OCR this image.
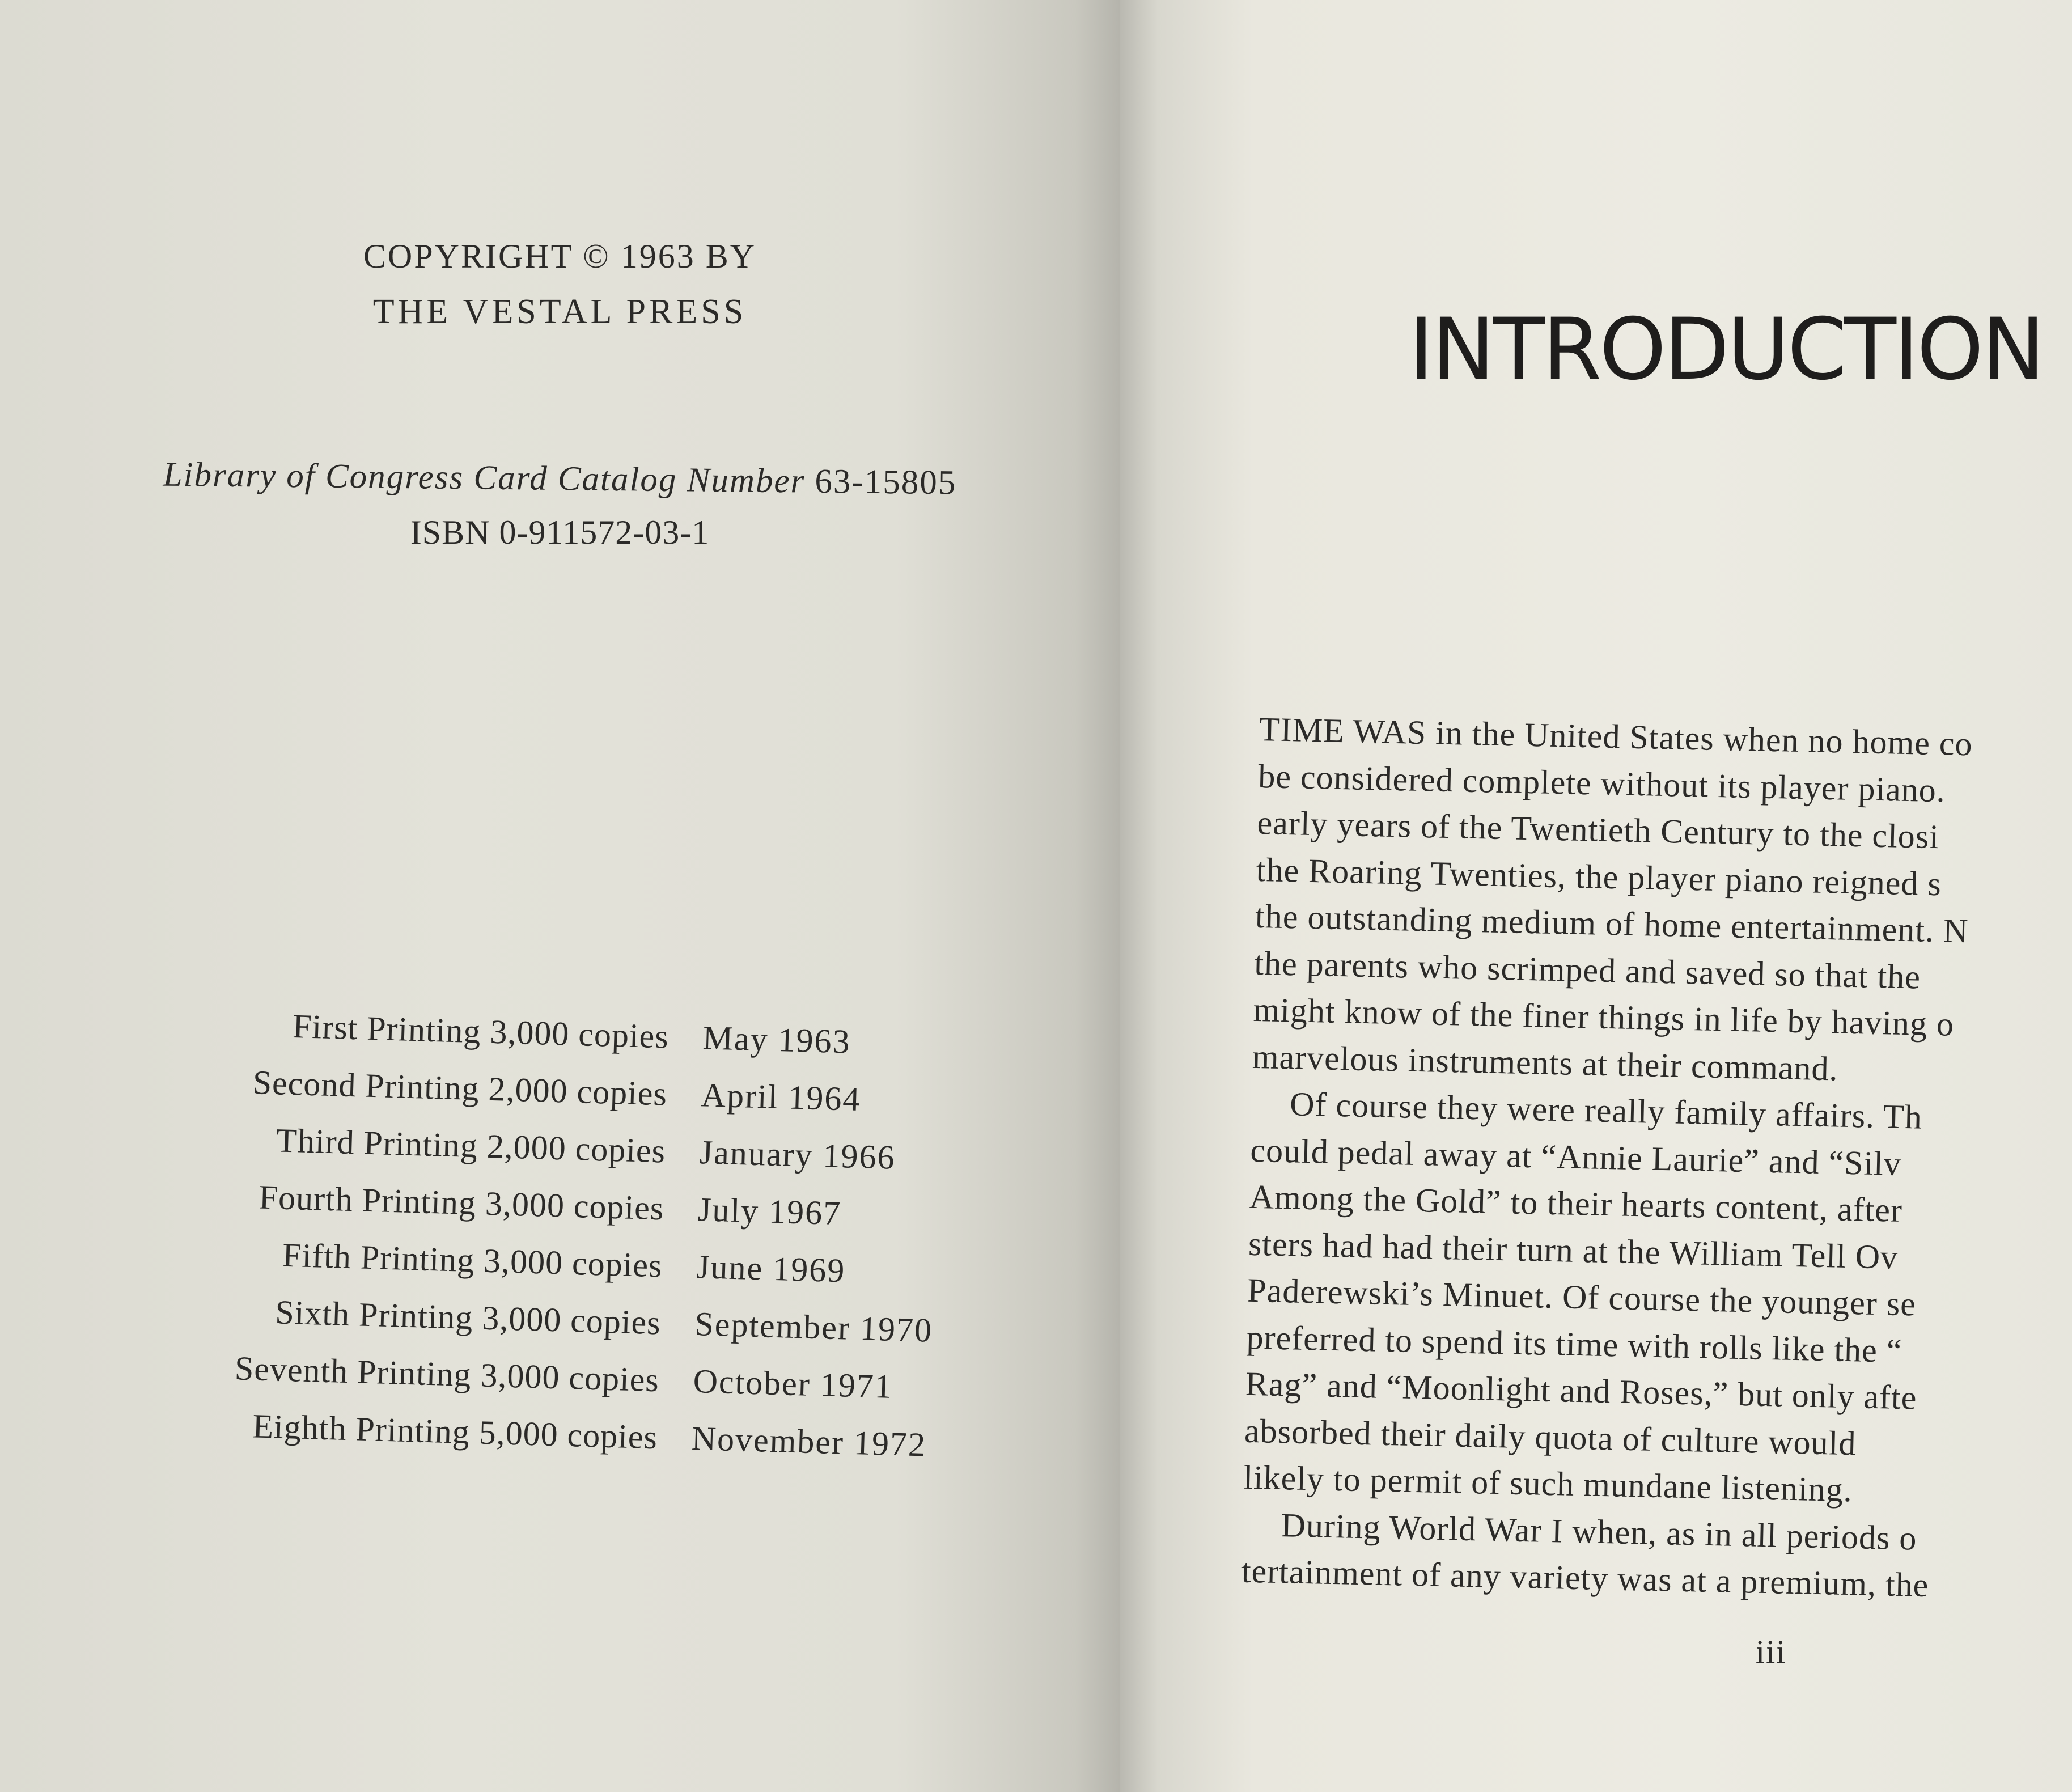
COPYRIGHT © 1963 BY
THE VESTAL PRESS
Library of Congress Card Catalog Number 63-15805
ISBN 0-911572-03-1
First Printing 3,000 copies May 1963
Second Printing 2,000 copies April 1964
Third Printing 2,000 copies January 1966
Fourth Printing 3,000 copies July 1967
Fifth Printing 3,000 copies June 1969
Sixth Printing 3,000 copies September 1970
Seventh Printing 3,000 copies October 1971
Eighth Printing 5,000 copies November 1972
INTRODUCTION
TIME WAS in the United States when no home co
be considered complete without its player piano.
early years of the Twentieth Century to the closi
the Roaring Twenties, the player piano reigned s
the outstanding medium of home entertainment. N
the parents who scrimped and saved so that the
might know of the finer things in life by having o
marvelous instruments at their command.
Of course they were really family affairs. Th
could pedal away at “Annie Laurie” and “Silv
Among the Gold” to their hearts content, after
sters had had their turn at the William Tell Ov
Paderewski’s Minuet. Of course the younger se
preferred to spend its time with rolls like the “
Rag” and “Moonlight and Roses,” but only afte
absorbed their daily quota of culture would
likely to permit of such mundane listening.
During World War I when, as in all periods o
tertainment of any variety was at a premium, the
iii
